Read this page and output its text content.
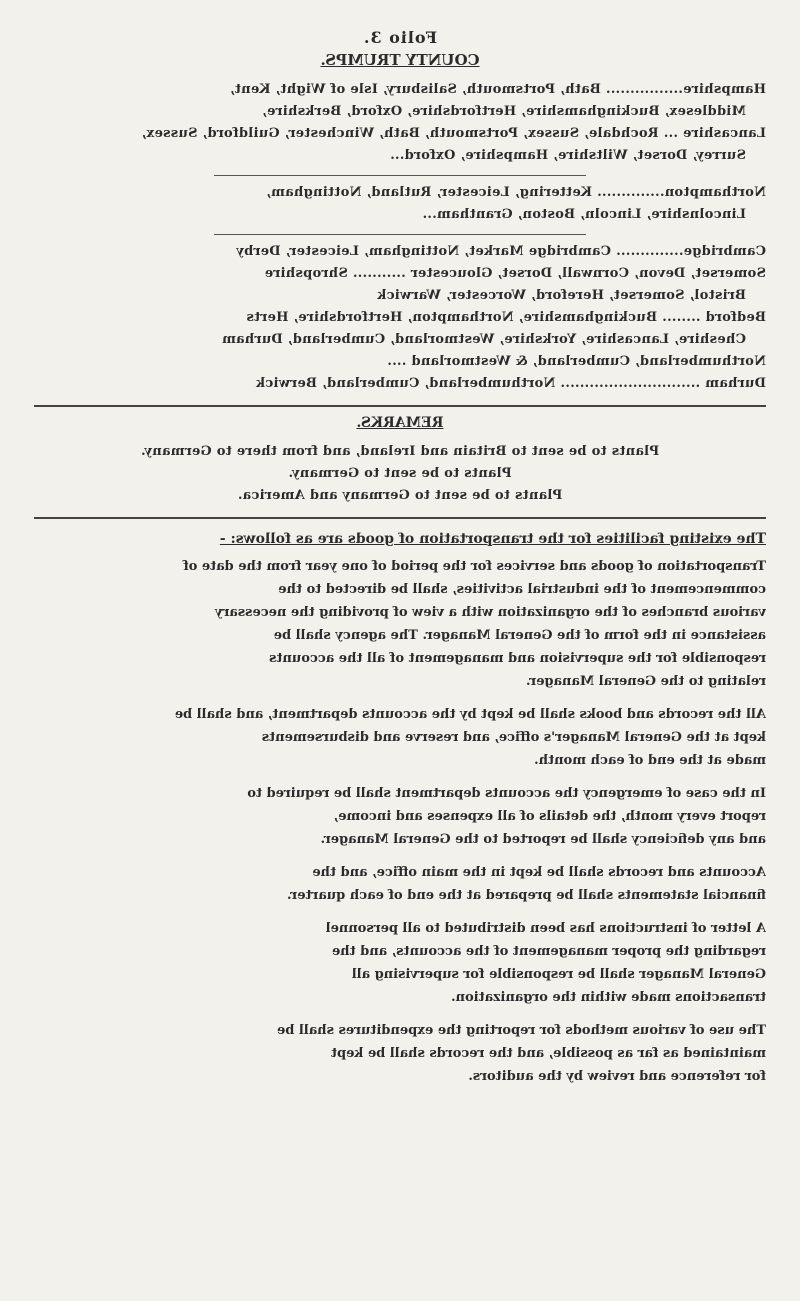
Folio 3.
COUNTY TRUMPS.
Hampshire................ Bath, Portsmouth, Salisbury, Isle of Wight, Kent,
Middlesex, Buckinghamshire, Hertfordshire, Oxford, Berkshire,
Lancashire ... Rochdale, Sussex, Portsmouth, Bath, Winchester, Guildford, Sussex,
Surrey, Dorset, Wiltshire, Hampshire, Oxford...
Northampton.............. Kettering, Leicester, Rutland, Nottingham,
Lincolnshire, Lincoln, Boston, Grantham...
Cambridge.............. Cambridge Market, Nottingham, Leicester, Derby
Somerset, Devon, Cornwall, Dorset, Gloucester ........... Shropshire
Bristol, Somerset, Hereford, Worcester, Warwick
Bedford ........ Buckinghamshire, Northampton, Hertfordshire, Herts
Cheshire, Lancashire, Yorkshire, Westmorland, Cumberland, Durham
Northumberland, Cumberland, & Westmorland ....
Durham ............................. Northumberland, Cumberland, Berwick
REMARKS.
Plants to be sent to Britain and Ireland, and from there to Germany.
Plants to be sent to Germany.
Plants to be sent to Germany and America.
The existing facilities for the transportation of goods are as follows: -
Transportation of goods and services for the period of one year from the date of
commencement of the industrial activities, shall be directed to the
various branches of the organization with a view of providing the necessary
assistance in the form of the General Manager. The agency shall be
responsible for the supervision and management of all the accounts
relating to the General Manager.
All the records and books shall be kept by the accounts department, and shall be
kept at the General Manager's office, and reserve and disbursements
made at the end of each month.
In the case of emergency the accounts department shall be required to
report every month, the details of all expenses and income,
and any deficiency shall be reported to the General Manager.
Accounts and records shall be kept in the main office, and the
financial statements shall be prepared at the end of each quarter.
A letter of instructions has been distributed to all personnel
regarding the proper management of the accounts, and the
General Manager shall be responsible for supervising all
transactions made within the organization.
The use of various methods for reporting the expenditures shall be
maintained as far as possible, and the records shall be kept
for reference and review by the auditors.
